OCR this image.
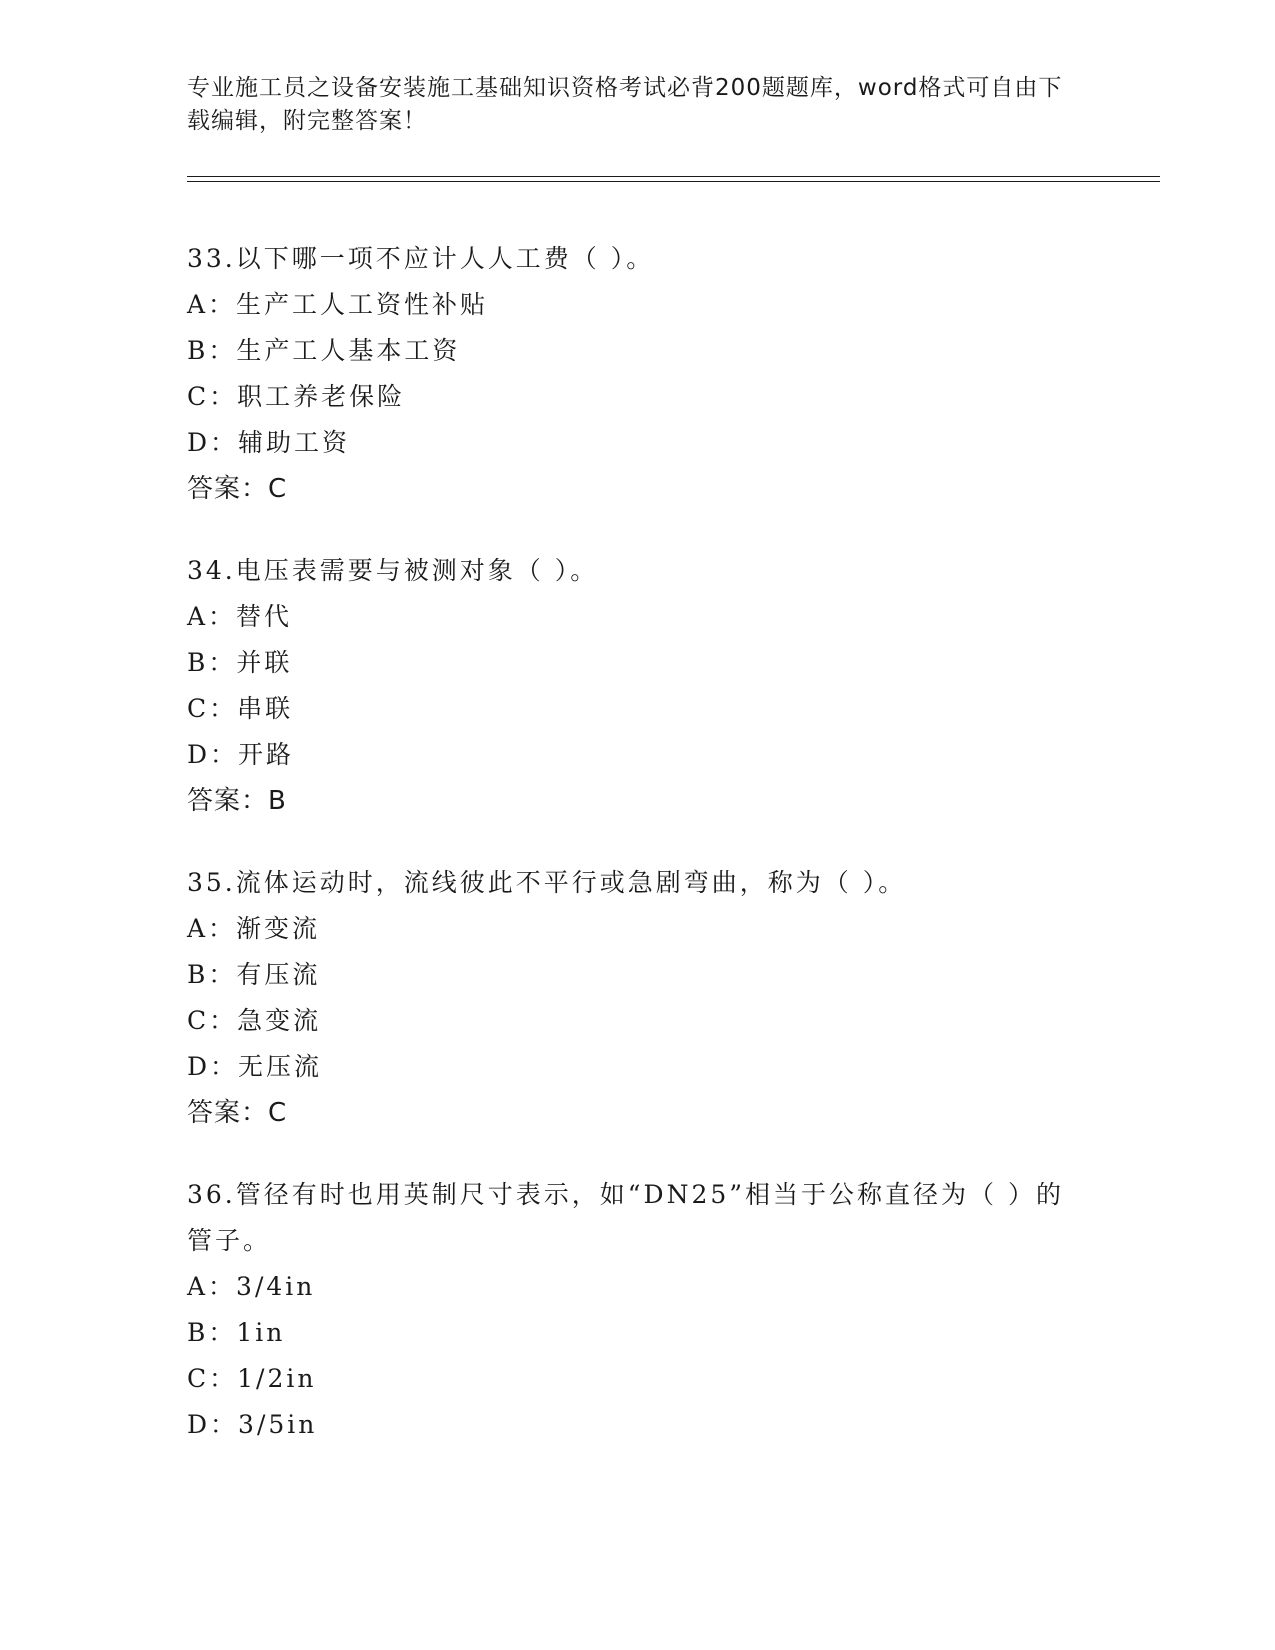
专业施工员之设备安装施工基础知识资格考试必背200题题库，word格式可自由下载编辑，附完整答案！

33.以下哪一项不应计人人工费（ ）。

A：生产工人工资性补贴

B：生产工人基本工资

C：职工养老保险

D：辅助工资

答案：C

34.电压表需要与被测对象（ ）。

A：替代

B：并联

C：串联

D：开路

答案：B

35.流体运动时，流线彼此不平行或急剧弯曲，称为（ ）。

A：渐变流

B：有压流

C：急变流

D：无压流

答案：C

36.管径有时也用英制尺寸表示，如“DN25”相当于公称直径为（ ）的管子。

A：3/4in

B：1in

C：1/2in

D：3/5in
